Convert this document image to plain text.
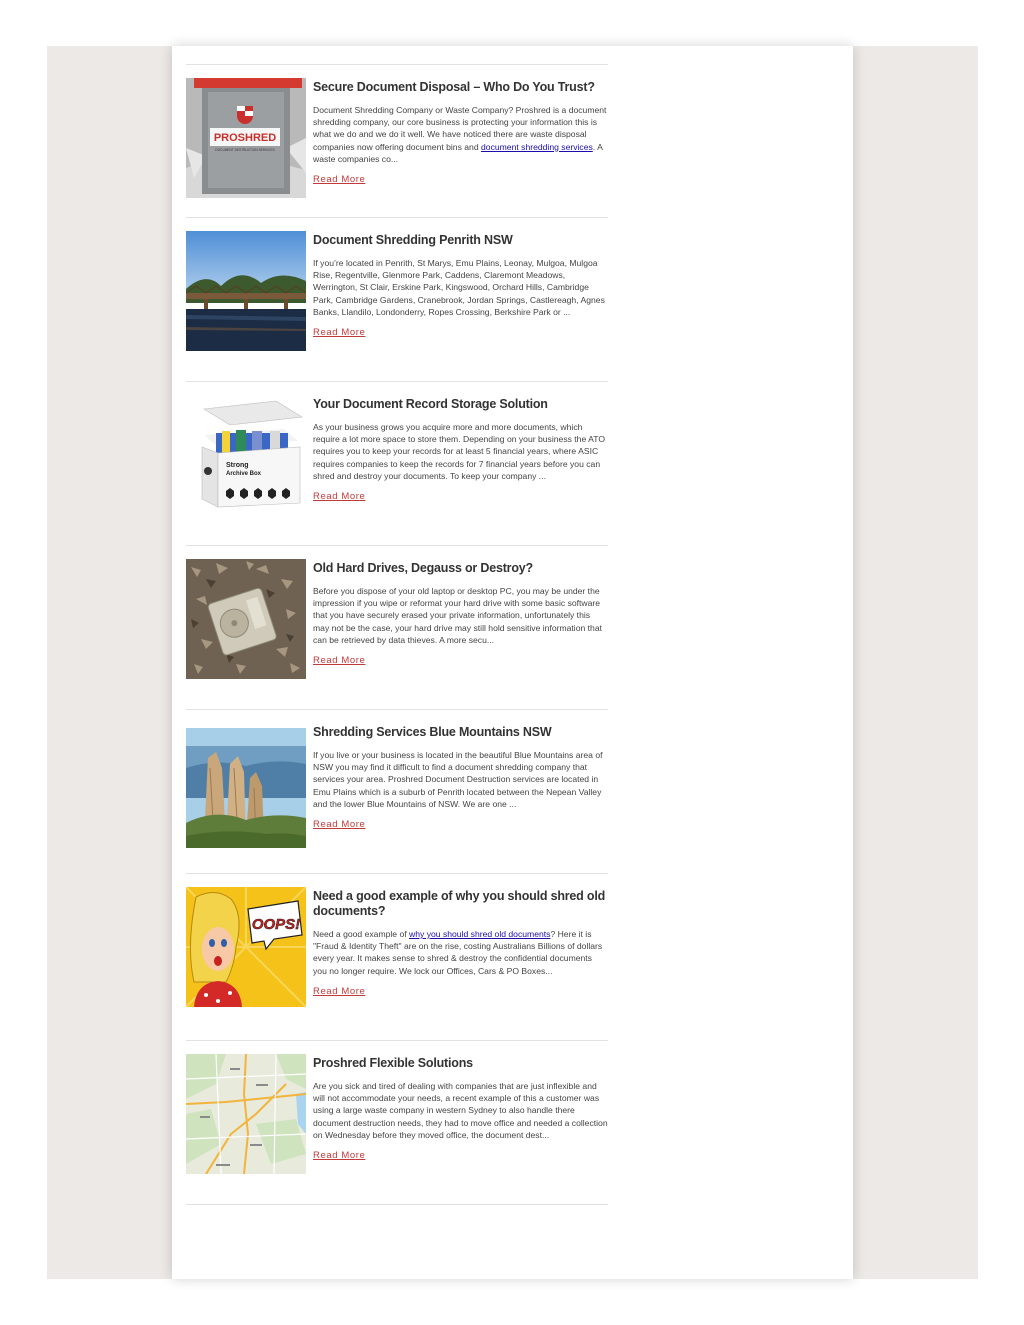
PROSHRED
DOCUMENT DESTRUCTION SERVICES
Secure Document Disposal – Who Do You Trust?

Document Shredding Company or Waste Company? Proshred is a document shredding company, our core business is protecting your information this is what we do and we do it well. We have noticed there are waste disposal companies now offering document bins and document shredding services. A waste companies co...

Read More
Document Shredding Penrith NSW

If you’re located in Penrith, St Marys, Emu Plains, Leonay, Mulgoa, Mulgoa Rise, Regentville, Glenmore Park, Caddens, Claremont Meadows, Werrington, St Clair, Erskine Park, Kingswood, Orchard Hills, Cambridge Park, Cambridge Gardens, Cranebrook, Jordan Springs, Castlereagh, Agnes Banks, Llandilo, Londonderry, Ropes Crossing, Berkshire Park or ...

Read More
Strong
Archive Box
Your Document Record Storage Solution

As your business grows you acquire more and more documents, which require a lot more space to store them. Depending on your business the ATO requires you to keep your records for at least 5 financial years, where ASIC requires companies to keep the records for 7 financial years before you can shred and destroy your documents. To keep your company ...

Read More
Old Hard Drives, Degauss or Destroy?

Before you dispose of your old laptop or desktop PC, you may be under the impression if you wipe or reformat your hard drive with some basic software that you have securely erased your private information, unfortunately this may not be the case, your hard drive may still hold sensitive information that can be retrieved by data thieves. A more secu...

Read More
Shredding Services Blue Mountains NSW

If you live or your business is located in the beautiful Blue Mountains area of NSW you may find it difficult to find a document shredding company that services your area. Proshred Document Destruction services are located in Emu Plains which is a suburb of Penrith located between the Nepean Valley and the lower Blue Mountains of NSW. We are one ...

Read More
OOPS!
Need a good example of why you should shred old documents?

Need a good example of why you should shred old documents? Here it is "Fraud & Identity Theft" are on the rise, costing Australians Billions of dollars every year. It makes sense to shred & destroy the confidential documents you no longer require. We lock our Offices, Cars & PO Boxes...

Read More
Proshred Flexible Solutions

Are you sick and tired of dealing with companies that are just inflexible and will not accommodate your needs, a recent example of this a customer was using a large waste company in western Sydney to also handle there document destruction needs, they had to move office and needed a collection on Wednesday before they moved office, the document dest...

Read More
